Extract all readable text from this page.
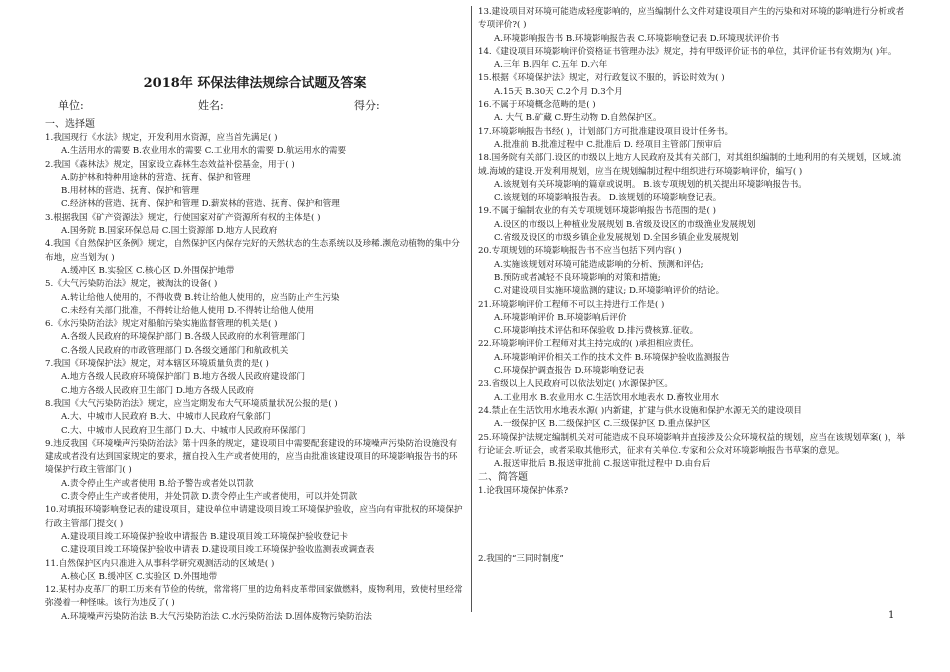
2018年 环保法律法规综合试题及答案
单位:	姓名:	得分:
一、选择题
1.我国现行《水法》规定，开发利用水资源，应当首先满足( )
A.生活用水的需要 B.农业用水的需要 C.工业用水的需要 D.航运用水的需要
2.我国《森林法》规定，国家设立森林生态效益补偿基金，用于( )
A.防护林和特种用途林的营造、抚育、保护和管理
B.用材林的营造、抚育、保护和管理
C.经济林的营造、抚育、保护和管理 D.薪炭林的营造、抚育、保护和管理
3.根据我国《矿产资源法》规定，行使国家对矿产资源所有权的主体是( )
A.国务院 B.国家环保总局 C.国土资源部 D.地方人民政府
4.我国《自然保护区条例》规定，自然保护区内保存完好的天然状态的生态系统以及珍稀.濒危动植物的集中分布地，应当划为( )
A.缓冲区 B.实验区 C.核心区 D.外围保护地带
5.《大气污染防治法》规定，被淘汰的设备( )
A.转让给他人使用的，不得收费 B.转让给他人使用的，应当防止产生污染
C.未经有关部门批准，不得转让给他人使用 D.不得转让给他人使用
6.《水污染防治法》规定对船舶污染实施监督管理的机关是( )
A.各级人民政府的环境保护部门 B.各级人民政府的水利管理部门
C.各级人民政府的市政管理部门 D.各级交通部门和航政机关
7.我国《环境保护法》规定，对本辖区环境质量负责的是( )
A.地方各级人民政府环境保护部门 B.地方各级人民政府建设部门
C.地方各级人民政府卫生部门 D.地方各级人民政府
8.我国《大气污染防治法》规定，应当定期发布大气环境质量状况公报的是( )
A.大、中城市人民政府 B.大、中城市人民政府气象部门
C.大、中城市人民政府卫生部门 D.大、中城市人民政府环保部门
9.违反我国《环境噪声污染防治法》第十四条的规定，建设项目中需要配套建设的环境噪声污染防治设施没有建成或者没有达到国家规定的要求，擅自投入生产或者使用的，应当由批准该建设项目的环境影响报告书的环境保护行政主管部门( )
A.责令停止生产或者使用 B.给予警告或者处以罚款
C.责令停止生产或者使用，并处罚款 D.责令停止生产或者使用，可以并处罚款
10.对填报环境影响登记表的建设项目，建设单位申请建设项目竣工环境保护验收，应当向有审批权的环境保护行政主管部门提交( )
A.建设项目竣工环境保护验收申请报告 B.建设项目竣工环境保护验收登记卡
C.建设项目竣工环境保护验收申请表 D.建设项目竣工环境保护验收监测表或调查表
11.自然保护区内只准进入从事科学研究观测活动的区域是( )
A.核心区 B.缓冲区 C.实验区 D.外围地带
12.某村办皮革厂的职工历来有节俭的传统，常常将厂里的边角料皮革带回家做燃料，废物利用，致使村里经常弥漫着一种怪味。该行为违反了( )
A.环境噪声污染防治法 B.大气污染防治法 C.水污染防治法 D.固体废物污染防治法
13.建设项目对环境可能造成轻度影响的，应当编制什么文件对建设项目产生的污染和对环境的影响进行分析或者专项评价?( )
A.环境影响报告书 B.环境影响报告表 C.环境影响登记表 D.环境现状评价书
14.《建设项目环境影响评价资格证书管理办法》规定，持有甲级评价证书的单位，其评价证书有效期为( )年。
A.三年 B.四年 C.五年 D.六年
15.根据《环境保护法》规定，对行政复议不服的，诉讼时效为( )
A.15天 B.30天 C.2个月 D.3个月
16.不属于环境概念范畴的是( )
A. 大气 B.矿藏 C.野生动物 D.自然保护区。
17.环境影响报告书经( )，计划部门方可批准建设项目设计任务书。
A.批准前 B.批准过程中 C.批准后 D. 经项目主管部门预审后
18.国务院有关部门.设区的市级以上地方人民政府及其有关部门，对其组织编制的土地利用的有关规划，区域.流域.海域的建设.开发利用规划，应当在规划编制过程中组织进行环境影响评价，编写( )
A.该规划有关环境影响的篇章或说明。 B.该专项规划的机关提出环境影响报告书。
C.该规划的环境影响报告表。 D.该规划的环境影响登记表。
19.不属于编制农业的有关专项规划环境影响报告书范围的是( )
A.设区的市级以上种植业发展规划 B.省级及设区的市级渔业发展规划
C.省级及设区的市级乡镇企业发展规划 D.全国乡镇企业发展规划
20.专项规划的环境影响报告书不应当包括下列内容( )
A.实施该规划对环境可能造成影响的分析、预测和评估;
B.预防或者减轻不良环境影响的对策和措施;
C.对建设项目实施环境监测的建议; D.环境影响评价的结论。
21.环境影响评价工程师不可以主持进行工作是( )
A.环境影响评价 B.环境影响后评价
C.环境影响技术评估和环保验收 D.排污费核算.征收。
22.环境影响评价工程师对其主持完成的( )承担相应责任。
A.环境影响评价相关工作的技术文件 B.环境保护验收监测报告
C.环境保护调查报告 D.环境影响登记表
23.省级以上人民政府可以依法划定( )水源保护区。
A.工业用水 B.农业用水 C.生活饮用水地表水 D.畜牧业用水
24.禁止在生活饮用水地表水源( )内新建，扩建与供水设施和保护水源无关的建设项目
A.一级保护区 B.二级保护区 C.三级保护区 D.重点保护区
25.环境保护法规定编制机关对可能造成不良环境影响并直接涉及公众环境权益的规划，应当在该规划草案( )，举行论证会.听证会，或者采取其他形式，征求有关单位.专家和公众对环境影响报告书草案的意见。
A.报送审批后 B.报送审批前 C.报送审批过程中 D.由台后
二、简答题
1.论我国环境保护体系?
2.我国的“三同时制度”
1
